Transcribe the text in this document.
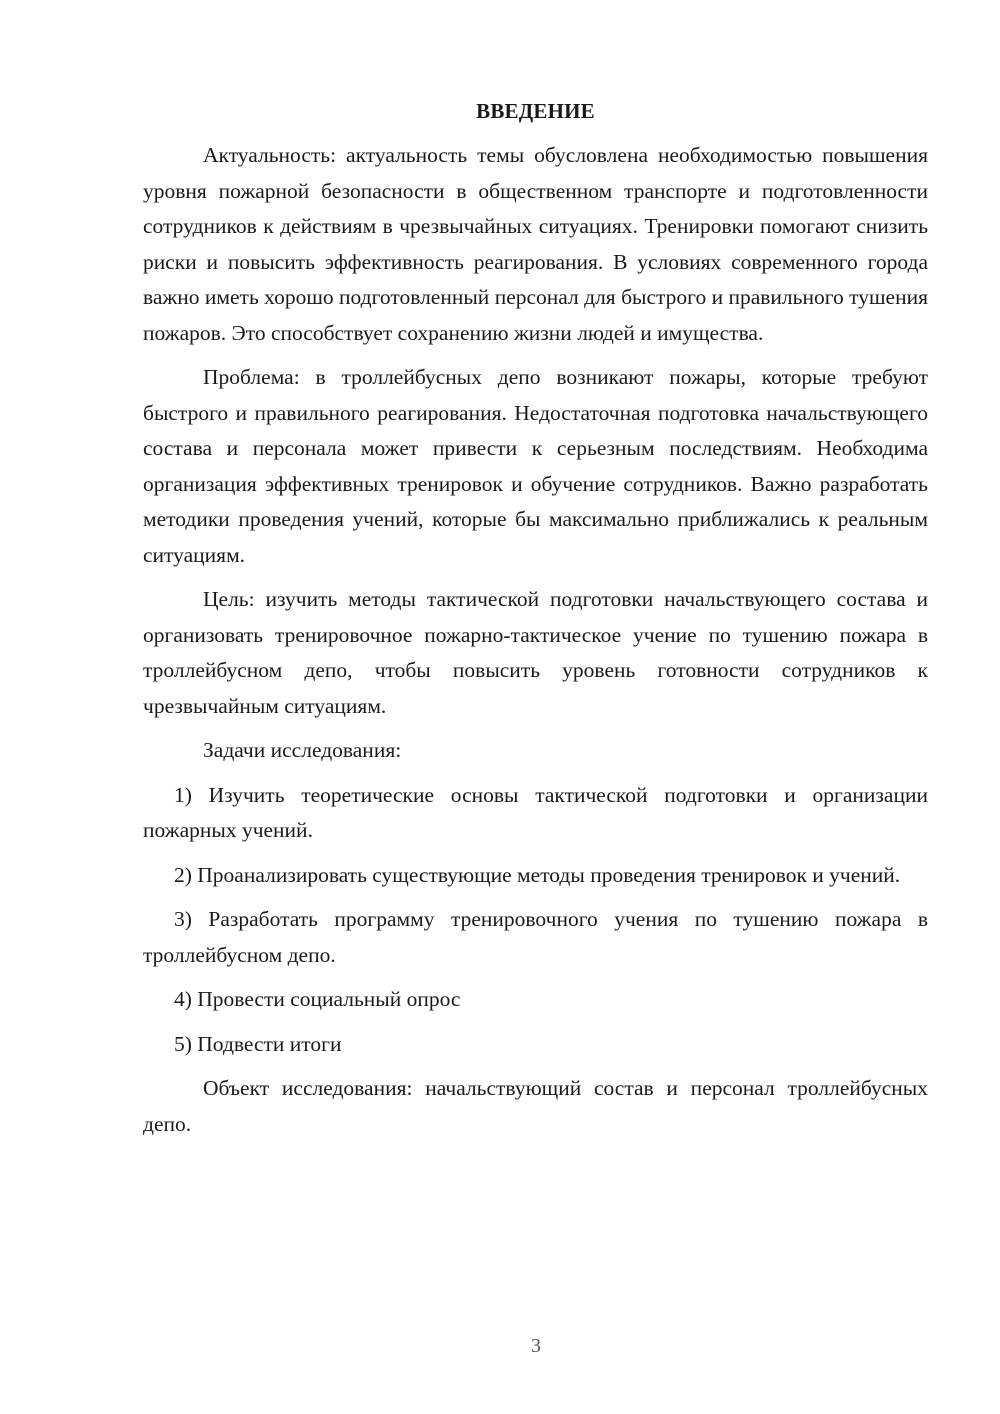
ВВЕДЕНИЕ

Актуальность: актуальность темы обусловлена необходимостью повышения уровня пожарной безопасности в общественном транспорте и подготовленности сотрудников к действиям в чрезвычайных ситуациях. Тренировки помогают снизить риски и повысить эффективность реагирования. В условиях современного города важно иметь хорошо подготовленный персонал для быстрого и правильного тушения пожаров. Это способствует сохранению жизни людей и имущества.

Проблема: в троллейбусных депо возникают пожары, которые требуют быстрого и правильного реагирования. Недостаточная подготовка начальствующего состава и персонала может привести к серьезным последствиям. Необходима организация эффективных тренировок и обучение сотрудников. Важно разработать методики проведения учений, которые бы максимально приближались к реальным ситуациям.

Цель: изучить методы тактической подготовки начальствующего состава и организовать тренировочное пожарно-тактическое учение по тушению пожара в троллейбусном депо, чтобы повысить уровень готовности сотрудников к чрезвычайным ситуациям.

Задачи исследования:

1) Изучить теоретические основы тактической подготовки и организации пожарных учений.

2) Проанализировать существующие методы проведения тренировок и учений.

3) Разработать программу тренировочного учения по тушению пожара в троллейбусном депо.

4) Провести социальный опрос

5) Подвести итоги

Объект исследования: начальствующий состав и персонал троллейбусных депо.

3
